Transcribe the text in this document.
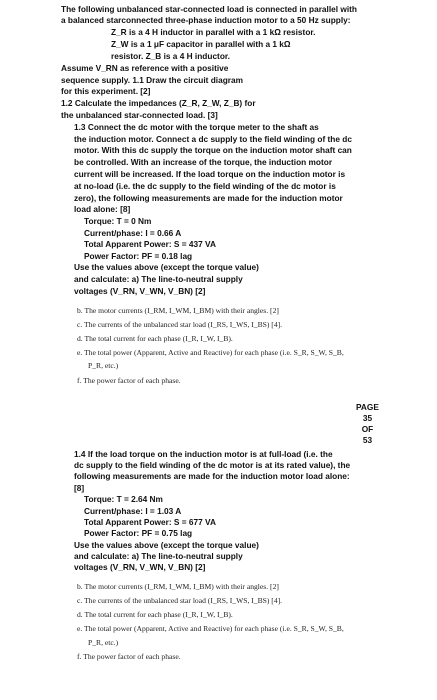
The following unbalanced star-connected load is connected in parallel with
a balanced starconnected three-phase induction motor to a 50 Hz supply:
Z_R is a 4 H inductor in parallel with a 1 kΩ resistor.
Z_W is a 1 μF capacitor in parallel with a 1 kΩ
resistor. Z_B is a 4 H inductor.
Assume V_RN as reference with a positive
sequence supply. 1.1 Draw the circuit diagram
for this experiment. [2]
1.2 Calculate the impedances (Z_R, Z_W, Z_B) for
the unbalanced star-connected load. [3]
1.3 Connect the dc motor with the torque meter to the shaft as
the induction motor. Connect a dc supply to the field winding of the dc
motor. With this dc supply the torque on the induction motor shaft can
be controlled. With an increase of the torque, the induction motor
current will be increased. If the load torque on the induction motor is
at no-load (i.e. the dc supply to the field winding of the dc motor is
zero), the following measurements are made for the induction motor
load alone: [8]
Torque: T = 0 Nm
Current/phase: I = 0.66 A
Total Apparent Power: S = 437 VA
Power Factor: PF = 0.18 lag
Use the values above (except the torque value)
and calculate: a) The line-to-neutral supply
voltages (V_RN, V_WN, V_BN) [2]
b. The motor currents (I_RM, I_WM, I_BM) with their angles. [2]
c. The currents of the unbalanced star load (I_RS, I_WS, I_BS) [4].
d. The total current for each phase (I_R, I_W, I_B).
e. The total power (Apparent, Active and Reactive) for each phase (i.e. S_R, S_W, S_B,
P_R, etc.)
f. The power factor of each phase.
PAGE
35
OF
53
1.4 If the load torque on the induction motor is at full-load (i.e. the
dc supply to the field winding of the dc motor is at its rated value), the
following measurements are made for the induction motor load alone:
[8]
Torque: T = 2.64 Nm
Current/phase: I = 1.03 A
Total Apparent Power: S = 677 VA
Power Factor: PF = 0.75 lag
Use the values above (except the torque value)
and calculate: a) The line-to-neutral supply
voltages (V_RN, V_WN, V_BN) [2]
b. The motor currents (I_RM, I_WM, I_BM) with their angles. [2]
c. The currents of the unbalanced star load (I_RS, I_WS, I_BS) [4].
d. The total current for each phase (I_R, I_W, I_B).
e. The total power (Apparent, Active and Reactive) for each phase (i.e. S_R, S_W, S_B,
P_R, etc.)
f. The power factor of each phase.
